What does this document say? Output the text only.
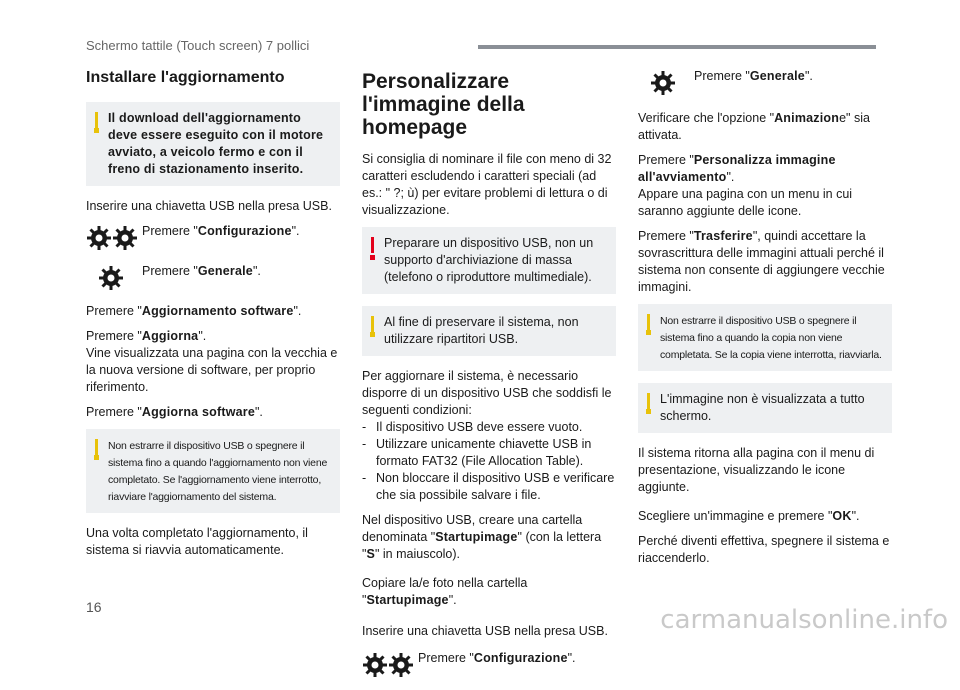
Schermo tattile (Touch screen) 7 pollici
Installare l'aggiornamento
Il download dell'aggiornamento deve essere eseguito con il motore avviato, a veicolo fermo e con il freno di stazionamento inserito.

Inserire una chiavetta USB nella presa USB.

Premere "Configurazione".
Premere "Generale".

Premere "Aggiornamento software".

Premere "Aggiorna".
Vine visualizzata una pagina con la vecchia e la nuova versione di software, per proprio riferimento.

Premere "Aggiorna software".

Non estrarre il dispositivo USB o spegnere il sistema fino a quando l'aggiornamento non viene completato. Se l'aggiornamento viene interrotto, riavviare l'aggiornamento del sistema.

Una volta completato l'aggiornamento, il sistema si riavvia automaticamente.

Personalizzare l'immagine della homepage

Si consiglia di nominare il file con meno di 32 caratteri escludendo i caratteri speciali (ad es.: " ?; ù) per evitare problemi di lettura o di visualizzazione.

Preparare un dispositivo USB, non un supporto d'archiviazione di massa (telefono o riproduttore multimediale).
Al fine di preservare il sistema, non utilizzare ripartitori USB.

Per aggiornare il sistema, è necessario disporre di un dispositivo USB che soddisfi le seguenti condizioni:

- Il dispositivo USB deve essere vuoto.
- Utilizzare unicamente chiavette USB in formato FAT32 (File Allocation Table).
- Non bloccare il dispositivo USB e verificare che sia possibile salvare i file.

Nel dispositivo USB, creare una cartella denominata "Startupimage" (con la lettera "S" in maiuscolo).

Copiare la/e foto nella cartella "Startupimage".

Inserire una chiavetta USB nella presa USB.

Premere "Configurazione".
Premere "Generale".

Verificare che l'opzione "Animazione" sia attivata.

Premere "Personalizza immagine all'avviamento".
Appare una pagina con un menu in cui saranno aggiunte delle icone.

Premere "Trasferire", quindi accettare la sovrascrittura delle immagini attuali perché il sistema non consente di aggiungere vecchie immagini.

Non estrarre il dispositivo USB o spegnere il sistema fino a quando la copia non viene completata. Se la copia viene interrotta, riavviarla.
L'immagine non è visualizzata a tutto schermo.

Il sistema ritorna alla pagina con il menu di presentazione, visualizzando le icone aggiunte.

Scegliere un'immagine e premere "OK".

Perché diventi effettiva, spegnere il sistema e riaccenderlo.

16	carmanualsonline.info
